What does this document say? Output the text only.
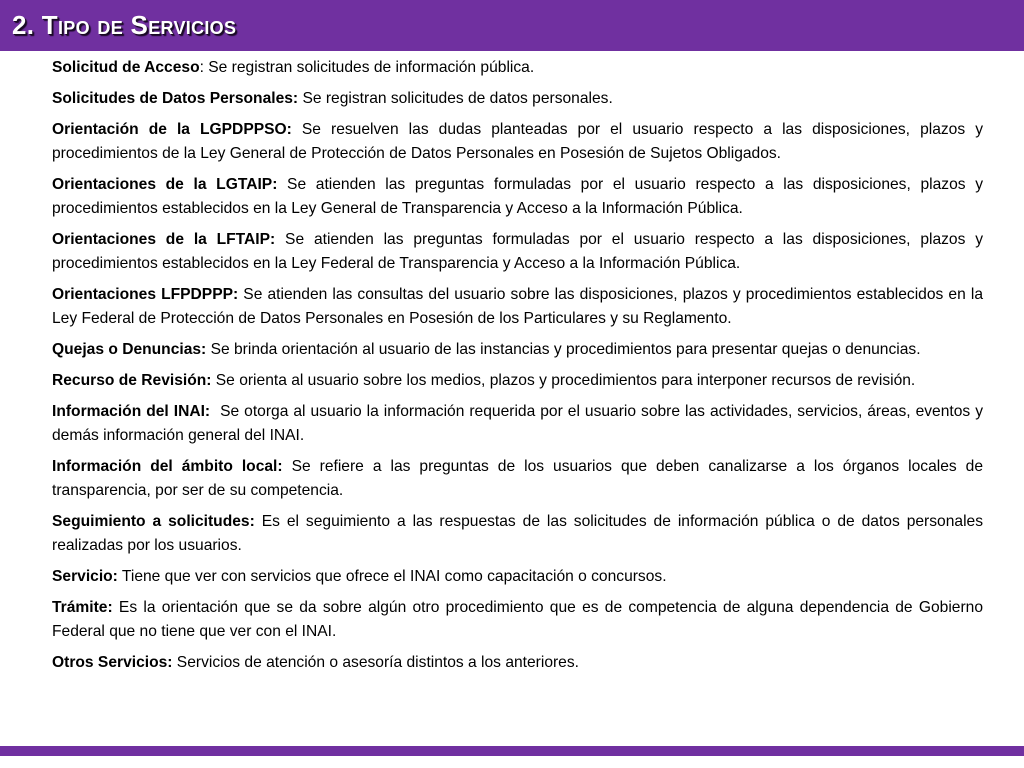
2. Tipo de Servicios

Solicitud de Acceso: Se registran solicitudes de información pública.

Solicitudes de Datos Personales: Se registran solicitudes de datos personales.

Orientación de la LGPDPPSO: Se resuelven las dudas planteadas por el usuario respecto a las disposiciones, plazos y procedimientos de la Ley General de Protección de Datos Personales en Posesión de Sujetos Obligados.

Orientaciones de la LGTAIP: Se atienden las preguntas formuladas por el usuario respecto a las disposiciones, plazos y procedimientos establecidos en la Ley General de Transparencia y Acceso a la Información Pública.

Orientaciones de la LFTAIP: Se atienden las preguntas formuladas por el usuario respecto a las disposiciones, plazos y procedimientos establecidos en la Ley Federal de Transparencia y Acceso a la Información Pública.

Orientaciones LFPDPPP: Se atienden las consultas del usuario sobre las disposiciones, plazos y procedimientos establecidos en la Ley Federal de Protección de Datos Personales en Posesión de los Particulares y su Reglamento.

Quejas o Denuncias: Se brinda orientación al usuario de las instancias y procedimientos para presentar quejas o denuncias.

Recurso de Revisión: Se orienta al usuario sobre los medios, plazos y procedimientos para interponer recursos de revisión.

Información del INAI:  Se otorga al usuario la información requerida por el usuario sobre las actividades, servicios, áreas, eventos y demás información general del INAI.

Información del ámbito local: Se refiere a las preguntas de los usuarios que deben canalizarse a los órganos locales de transparencia, por ser de su competencia.

Seguimiento a solicitudes: Es el seguimiento a las respuestas de las solicitudes de información pública o de datos personales realizadas por los usuarios.

Servicio: Tiene que ver con servicios que ofrece el INAI como capacitación o concursos.

Trámite: Es la orientación que se da sobre algún otro procedimiento que es de competencia de alguna dependencia de Gobierno Federal que no tiene que ver con el INAI.

Otros Servicios: Servicios de atención o asesoría distintos a los anteriores.
